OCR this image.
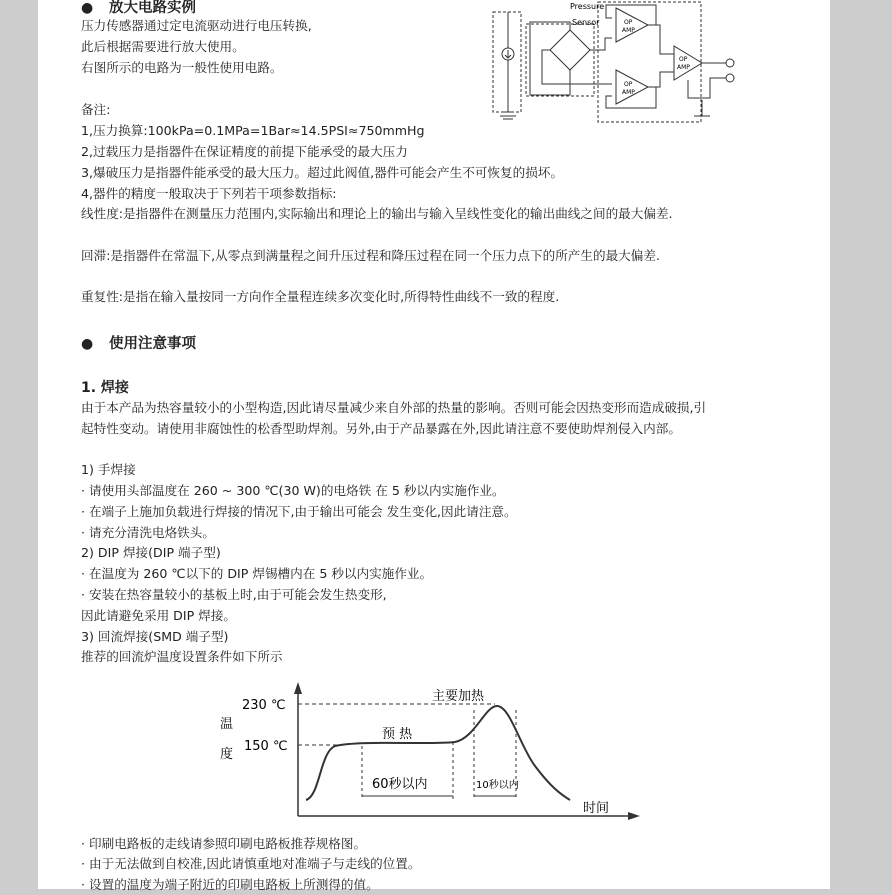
● 放大电路实例
压力传感器通过定电流驱动进行电压转换,
此后根据需要进行放大使用。
右图所示的电路为一般性使用电路。
Pressure
Sensor	OP
AMP
OP
AMP
OP
AMP
备注:
1,压力换算:100kPa=0.1MPa=1Bar≈14.5PSI≈750mmHg
2,过载压力是指器件在保证精度的前提下能承受的最大压力
3,爆破压力是指器件能承受的最大压力。超过此阀值,器件可能会产生不可恢复的损坏。
4,器件的精度一般取决于下列若干项参数指标:
线性度:是指器件在测量压力范围内,实际输出和理论上的输出与输入呈线性变化的输出曲线之间的最大偏差.
回滞:是指器件在常温下,从零点到满量程之间升压过程和降压过程在同一个压力点下的所产生的最大偏差.
重复性:是指在输入量按同一方向作全量程连续多次变化时,所得特性曲线不一致的程度.
● 使用注意事项
1. 焊接
由于本产品为热容量较小的小型构造,因此请尽量减少来自外部的热量的影响。否则可能会因热变形而造成破损,引起特性变动。请使用非腐蚀性的松香型助焊剂。另外,由于产品暴露在外,因此请注意不要使助焊剂侵入内部。
1) 手焊接
· 请使用头部温度在 260 ~ 300 ℃(30 W)的电烙铁 在 5 秒以内实施作业。
· 在端子上施加负载进行焊接的情况下,由于输出可能会 发生变化,因此请注意。
· 请充分清洗电烙铁头。
2) DIP 焊接(DIP 端子型)
· 在温度为 260 ℃以下的 DIP 焊锡槽内在 5 秒以内实施作业。
· 安装在热容量较小的基板上时,由于可能会发生热变形,
因此请避免采用 DIP 焊接。
3) 回流焊接(SMD 端子型)
推荐的回流炉温度设置条件如下所示
温
度
230 ℃
150 ℃
主要加热
预 热
60秒以内	10秒以内
时间
· 印刷电路板的走线请参照印刷电路板推荐规格图。
· 由于无法做到自校准,因此请慎重地对准端子与走线的位置。
· 设置的温度为端子附近的印刷电路板上所测得的值。
